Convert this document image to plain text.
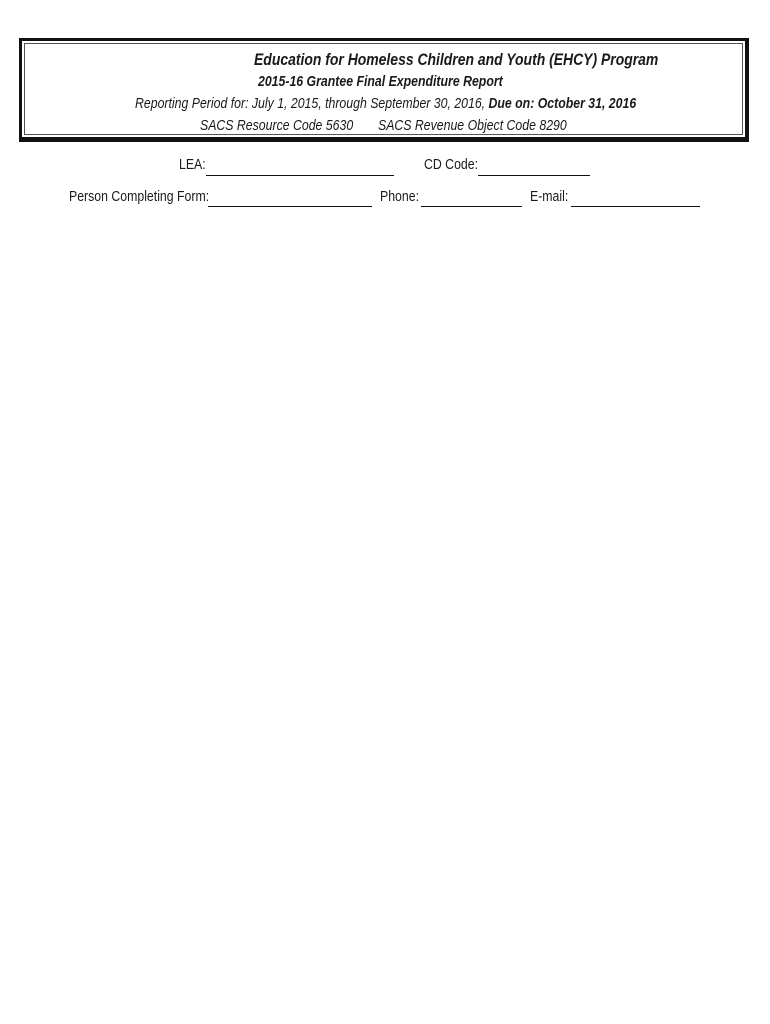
Education for Homeless Children and Youth (EHCY) Program
2015-16 Grantee Final Expenditure Report
Reporting Period for: July 1, 2015, through September 30, 2016, Due on: October 31, 2016
SACS Resource Code 5630 SACS Revenue Object Code 8290
LEA:	CD Code:
Person Completing Form:	Phone:	E-mail:
